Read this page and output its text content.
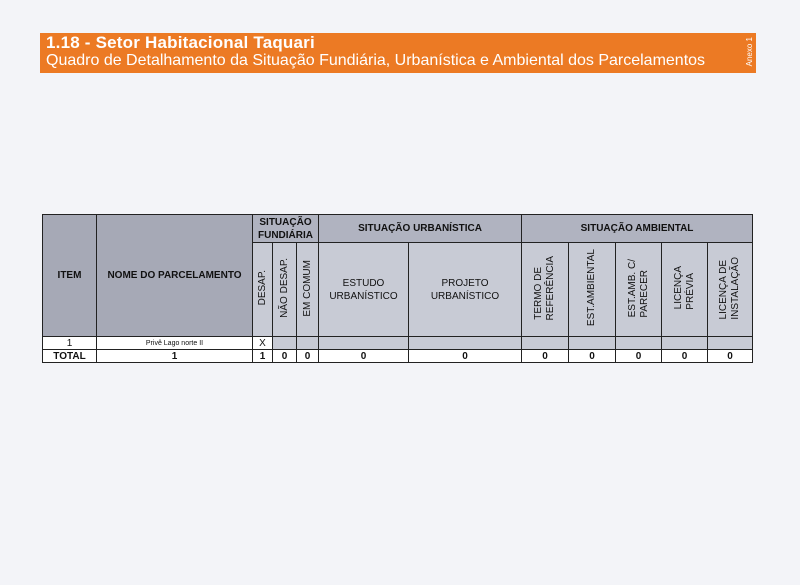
1.18 - Setor Habitacional Taquari
Quadro de Detalhamento da Situação Fundiária, Urbanística e Ambiental dos Parcelamentos	Anexo 1
ITEM	NOME DO PARCELAMENTO	SITUAÇÃO FUNDIÁRIA			SITUAÇÃO URBANÍSTICA		SITUAÇÃO AMBIENTAL				
		DESAP.	NÃO DESAP.	EM COMUM	ESTUDO URBANÍSTICO	PROJETO URBANÍSTICO	TERMO DEREFERÊNCIA	EST.AMBIENTAL	EST.AMB. C/PARECER	LICENÇAPRÉVIA	LICENÇA DEINSTALAÇÃO
1	Privê Lago norte II	X									
TOTAL	1	1	0	0	0	0	0	0	0	0	0
